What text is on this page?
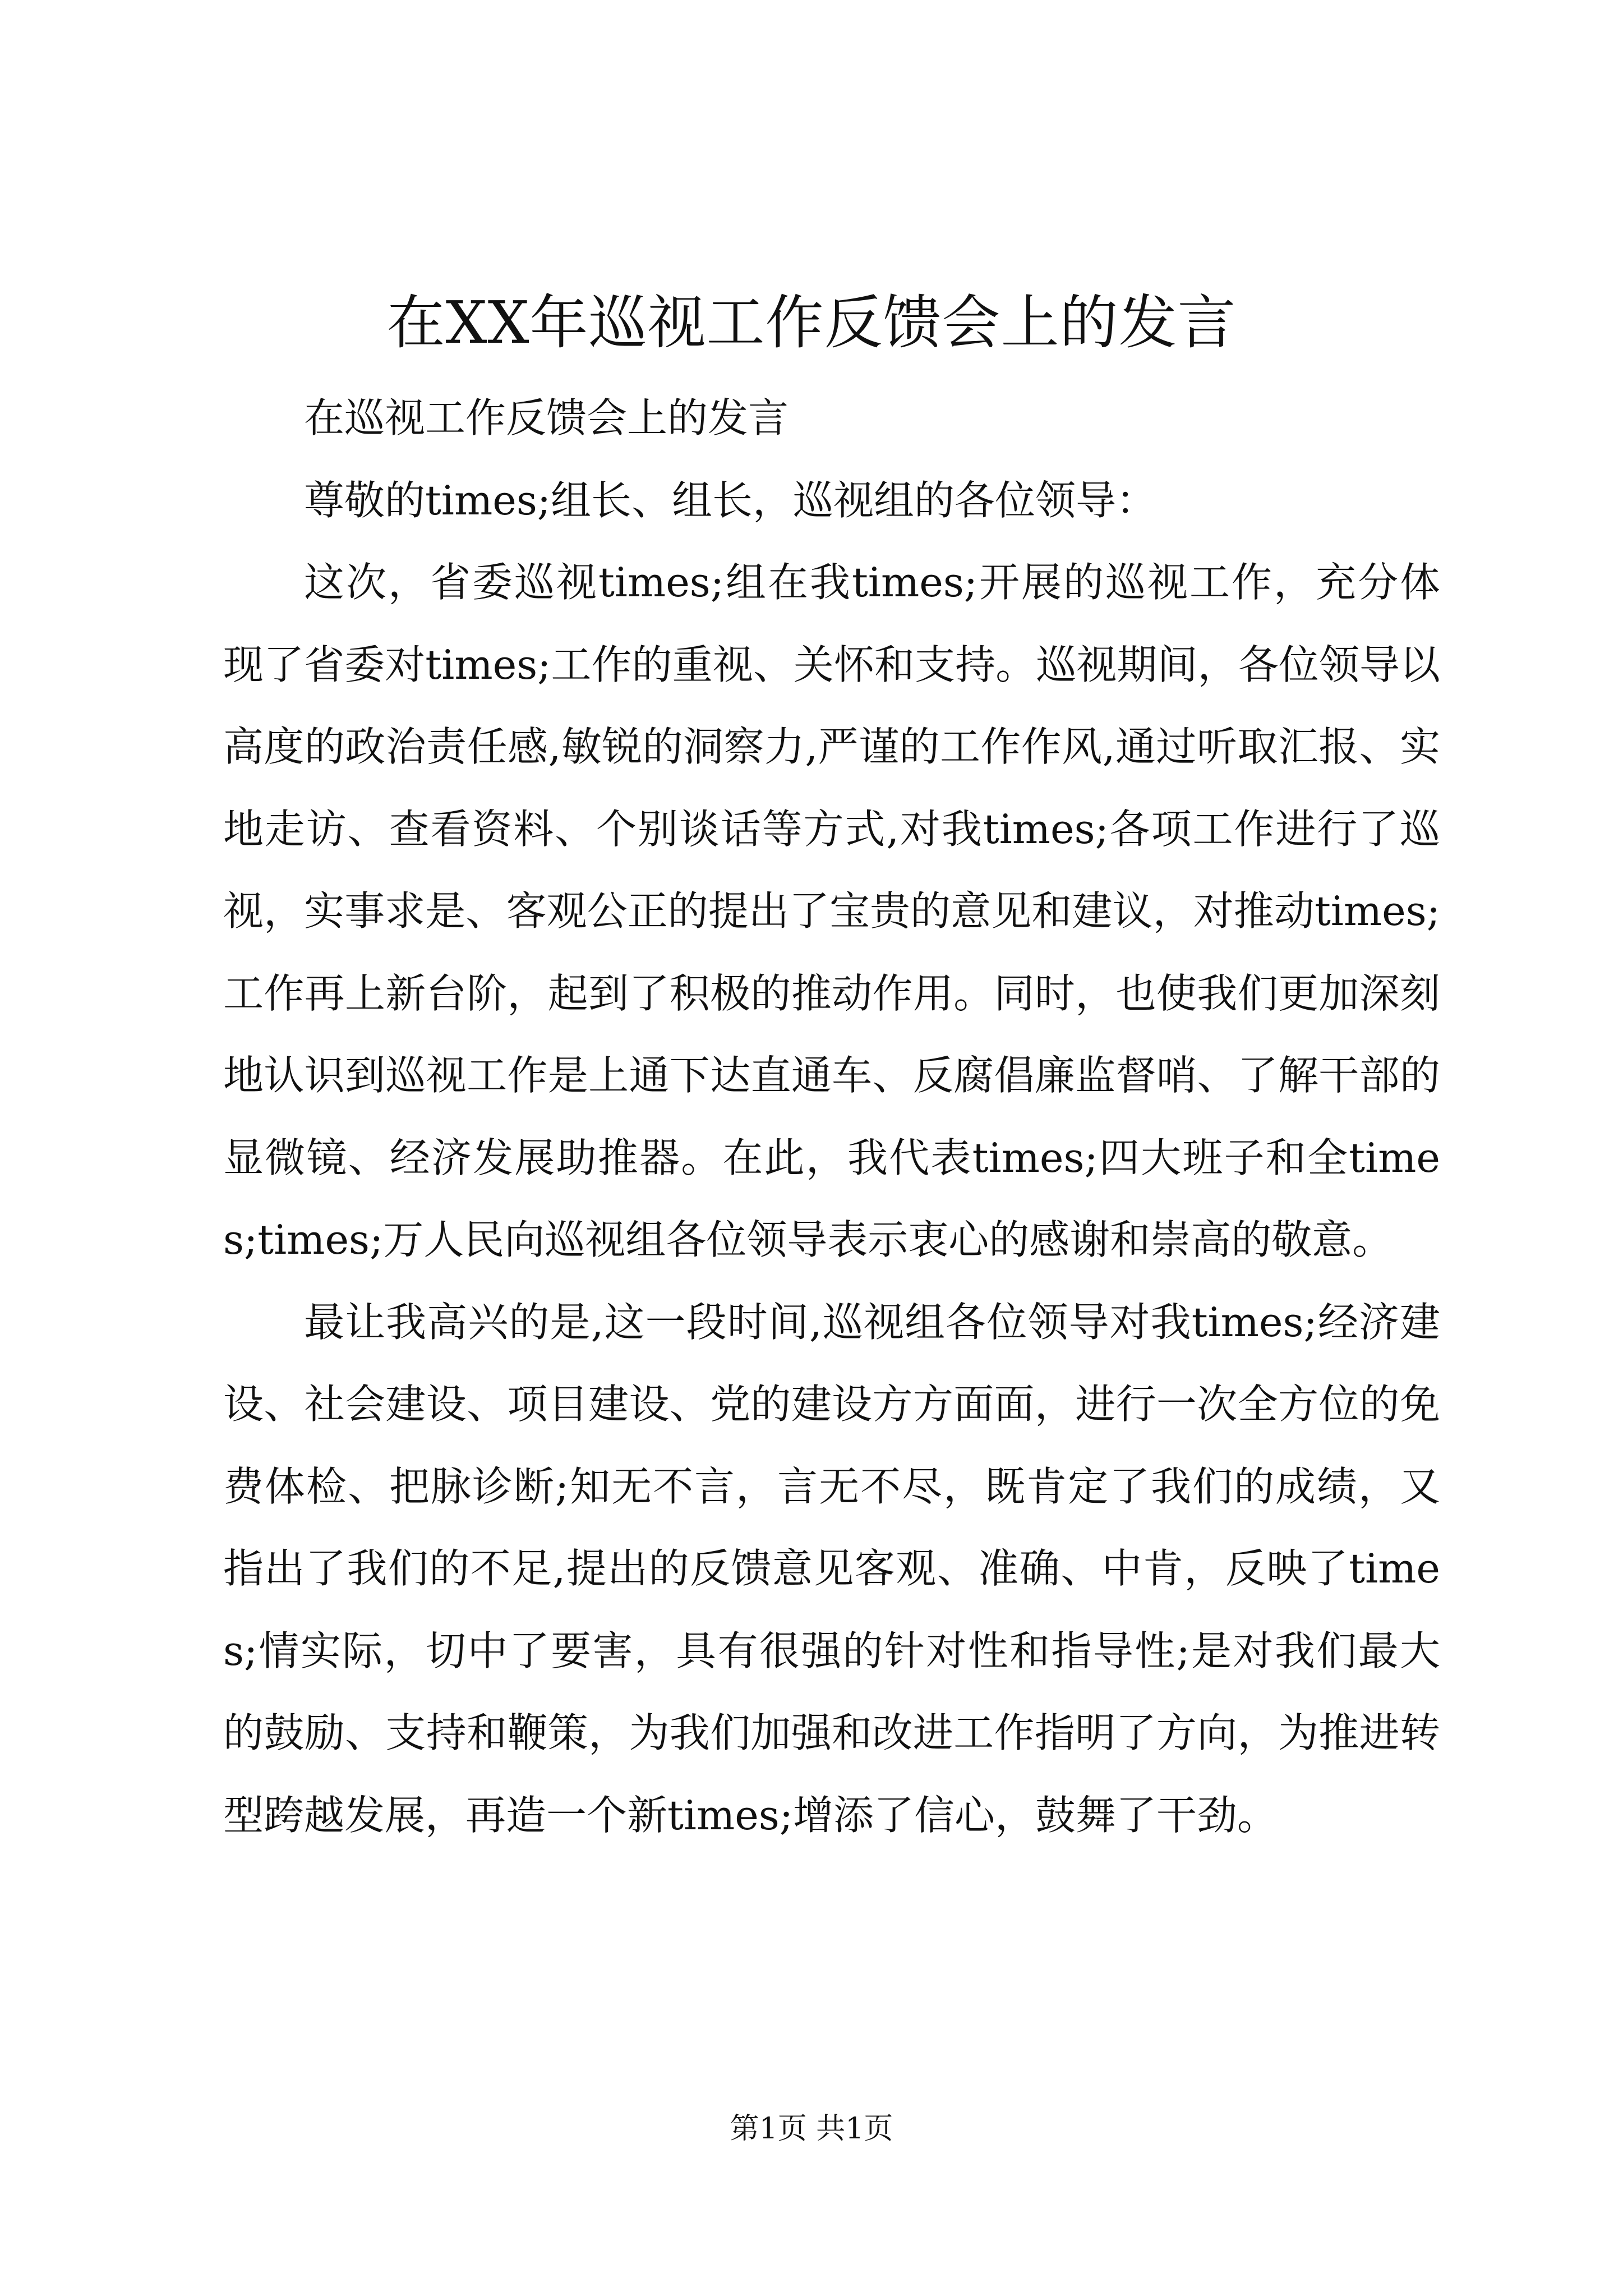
在XX年巡视工作反馈会上的发言

在巡视工作反馈会上的发言

尊敬的times;组长、组长，巡视组的各位领导：

这次，省委巡视times;组在我times;开展的巡视工作，充分体现了省委对times;工作的重视、关怀和支持。巡视期间，各位领导以高度的政治责任感,敏锐的洞察力,严谨的工作作风,通过听取汇报、实地走访、查看资料、个别谈话等方式,对我times;各项工作进行了巡视，实事求是、客观公正的提出了宝贵的意见和建议，对推动times;工作再上新台阶，起到了积极的推动作用。同时，也使我们更加深刻地认识到巡视工作是上通下达直通车、反腐倡廉监督哨、了解干部的显微镜、经济发展助推器。在此，我代表times;四大班子和全times;times;万人民向巡视组各位领导表示衷心的感谢和崇高的敬意。

最让我高兴的是,这一段时间,巡视组各位领导对我times;经济建设、社会建设、项目建设、党的建设方方面面，进行一次全方位的免费体检、把脉诊断;知无不言，言无不尽，既肯定了我们的成绩，又指出了我们的不足,提出的反馈意见客观、准确、中肯，反映了times;情实际，切中了要害，具有很强的针对性和指导性;是对我们最大的鼓励、支持和鞭策，为我们加强和改进工作指明了方向，为推进转型跨越发展，再造一个新times;增添了信心，鼓舞了干劲。

第1页 共1页
